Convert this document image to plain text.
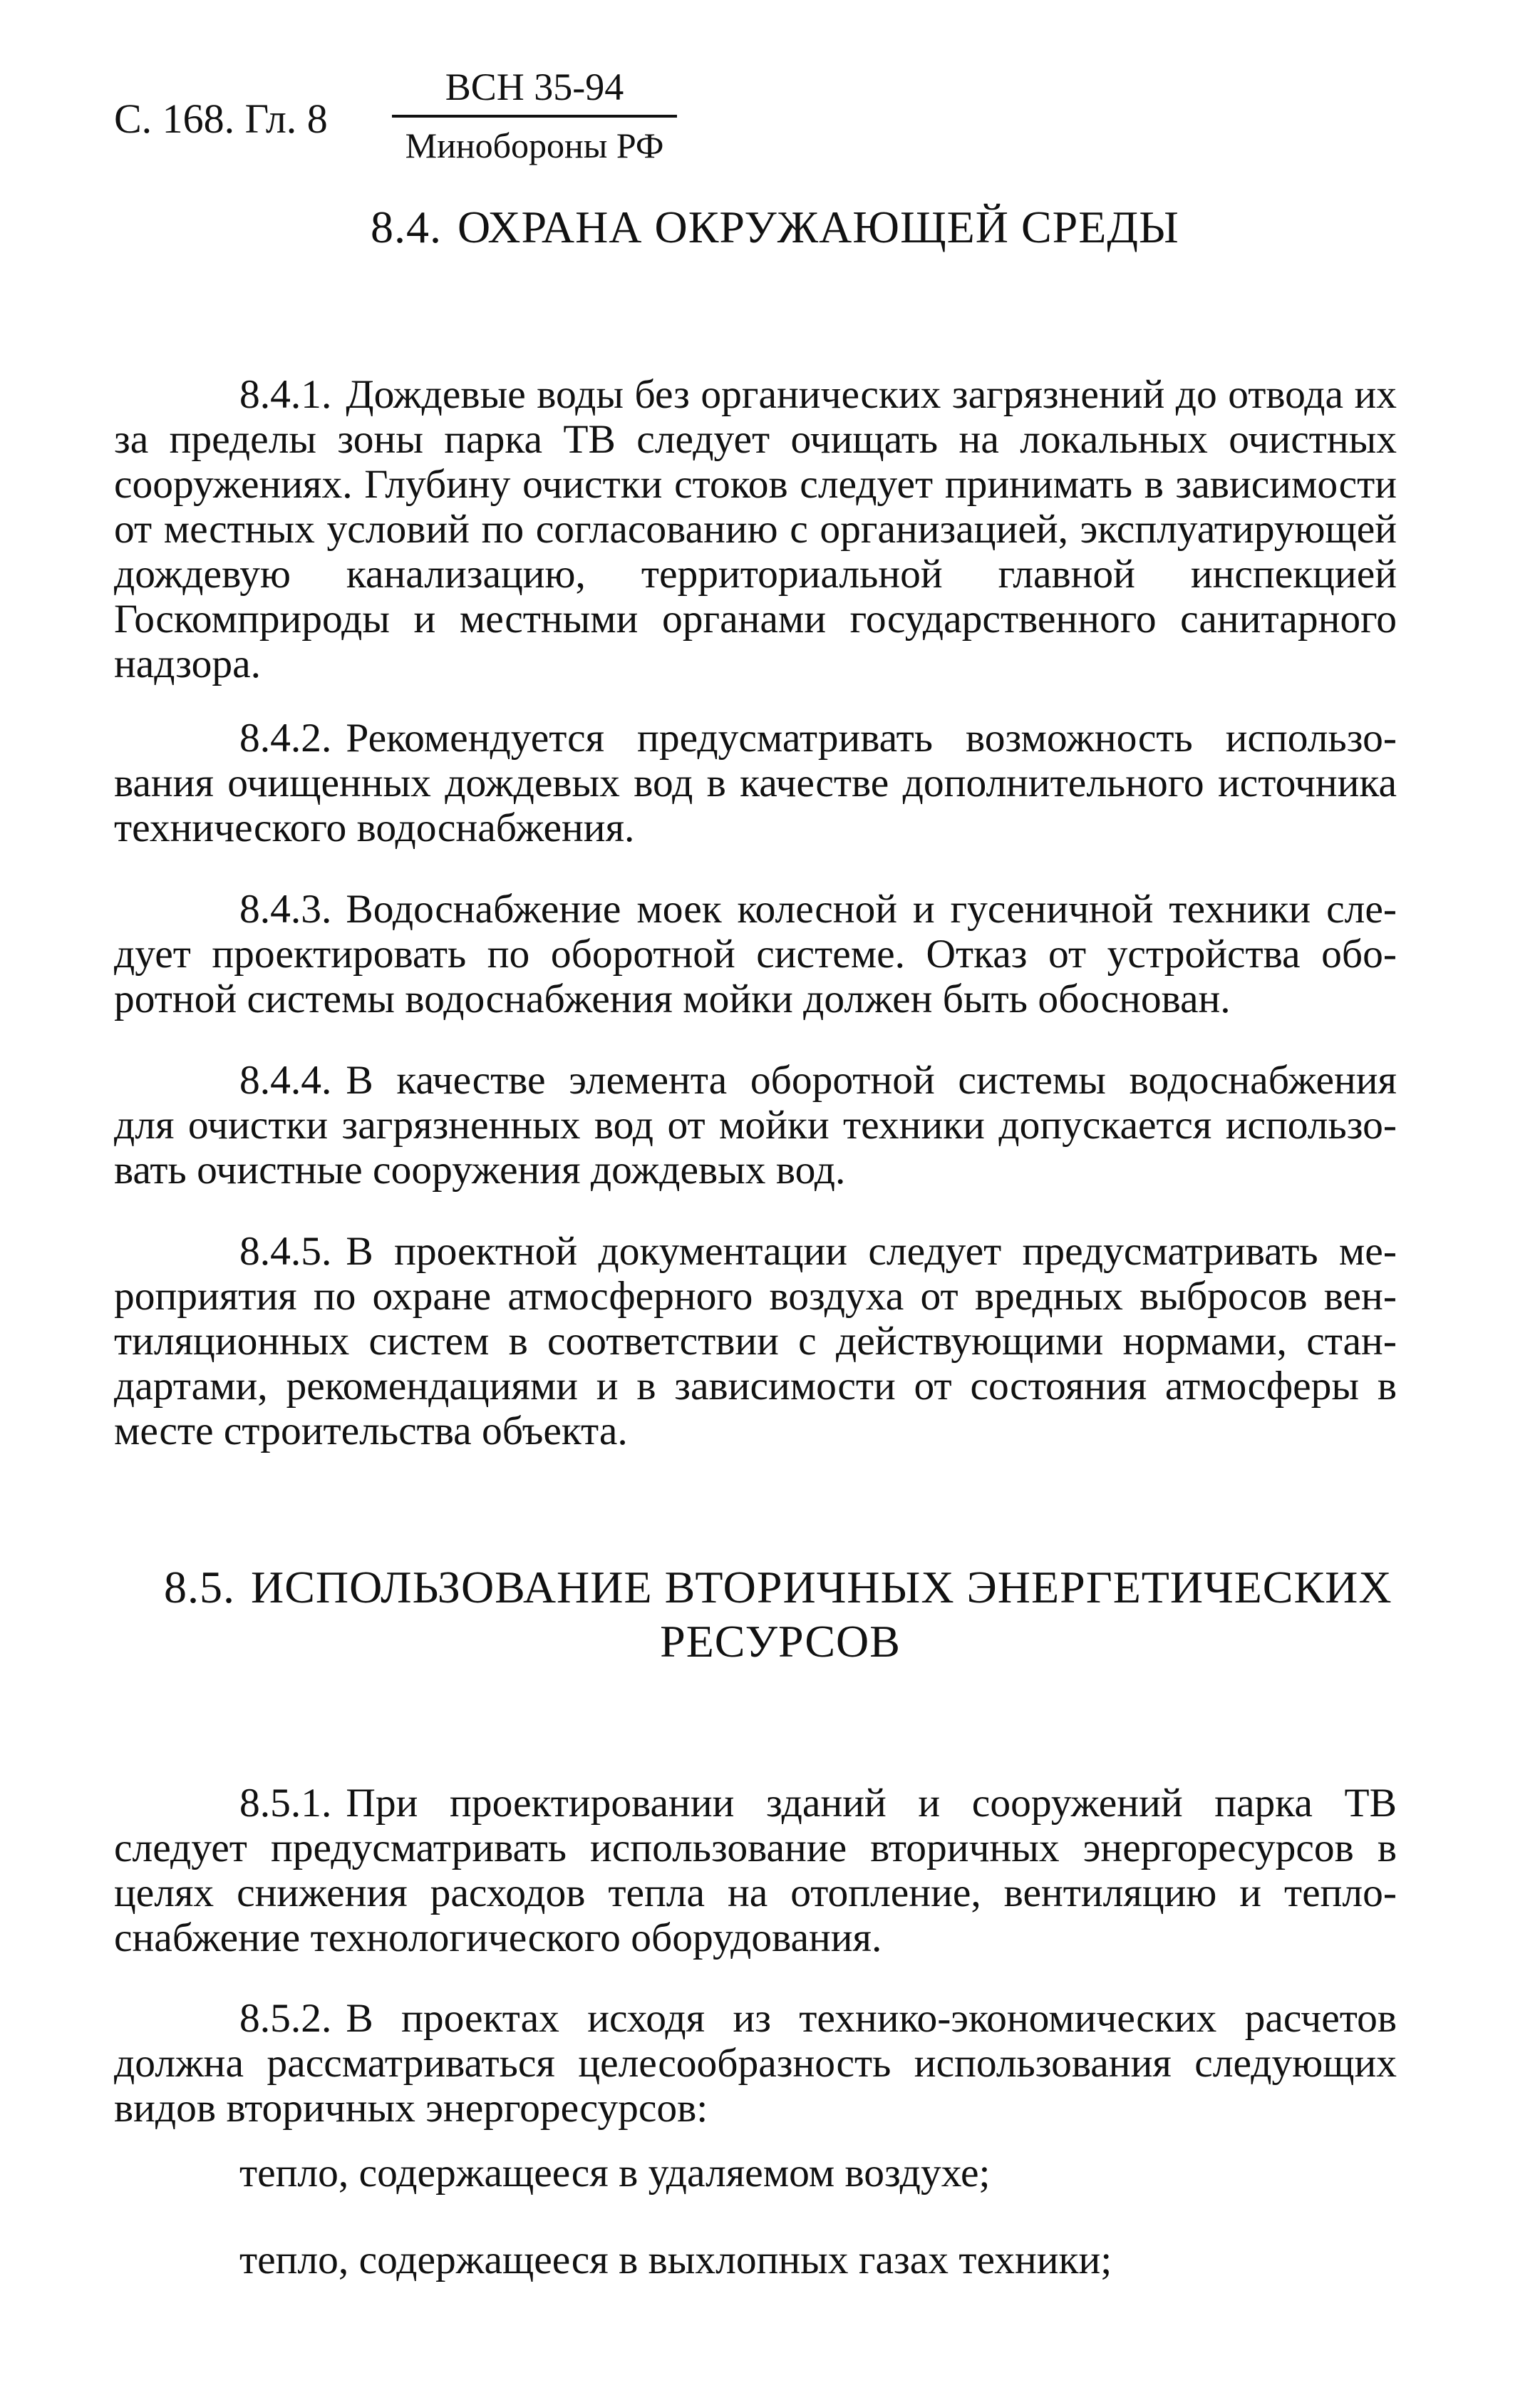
С. 168. Гл. 8
ВСН 35-94
Минобороны РФ
8.4. ОХРАНА ОКРУЖАЮЩЕЙ СРЕДЫ
8.4.1. Дождевые воды без органических загрязнений до отвода их за пределы зоны парка ТВ следует очищать на локальных очистных сооружениях. Глубину очистки стоков следует принимать в зависимости от местных условий по согласованию с организацией, эксплуатирующей дождевую канализацию, территориальной главной инспекцией Госкомприроды и местными органами государственного санитарного надзора.
8.4.2. Рекомендуется предусматривать возможность использования очищенных дождевых вод в качестве дополнительного источника технического водоснабжения.
8.4.3. Водоснабжение моек колесной и гусеничной техники следует проектировать по оборотной системе. Отказ от устройства оборотной системы водоснабжения мойки должен быть обоснован.
8.4.4. В качестве элемента оборотной системы водоснабжения для очистки загрязненных вод от мойки техники допускается использовать очистные сооружения дождевых вод.
8.4.5. В проектной документации следует предусматривать мероприятия по охране атмосферного воздуха от вредных выбросов вентиляционных систем в соответствии с действующими нормами, стандартами, рекомендациями и в зависимости от состояния атмосферы в месте строительства объекта.
8.5. ИСПОЛЬЗОВАНИЕ ВТОРИЧНЫХ ЭНЕРГЕТИЧЕСКИХ
РЕСУРСОВ
8.5.1. При проектировании зданий и сооружений парка ТВ следует предусматривать использование вторичных энергоресурсов в целях снижения расходов тепла на отопление, вентиляцию и теплоснабжение технологического оборудования.
8.5.2. В проектах исходя из технико-экономических расчетов должна рассматриваться целесообразность использования следующих видов вторичных энергоресурсов:
тепло, содержащееся в удаляемом воздухе;
тепло, содержащееся в выхлопных газах техники;
